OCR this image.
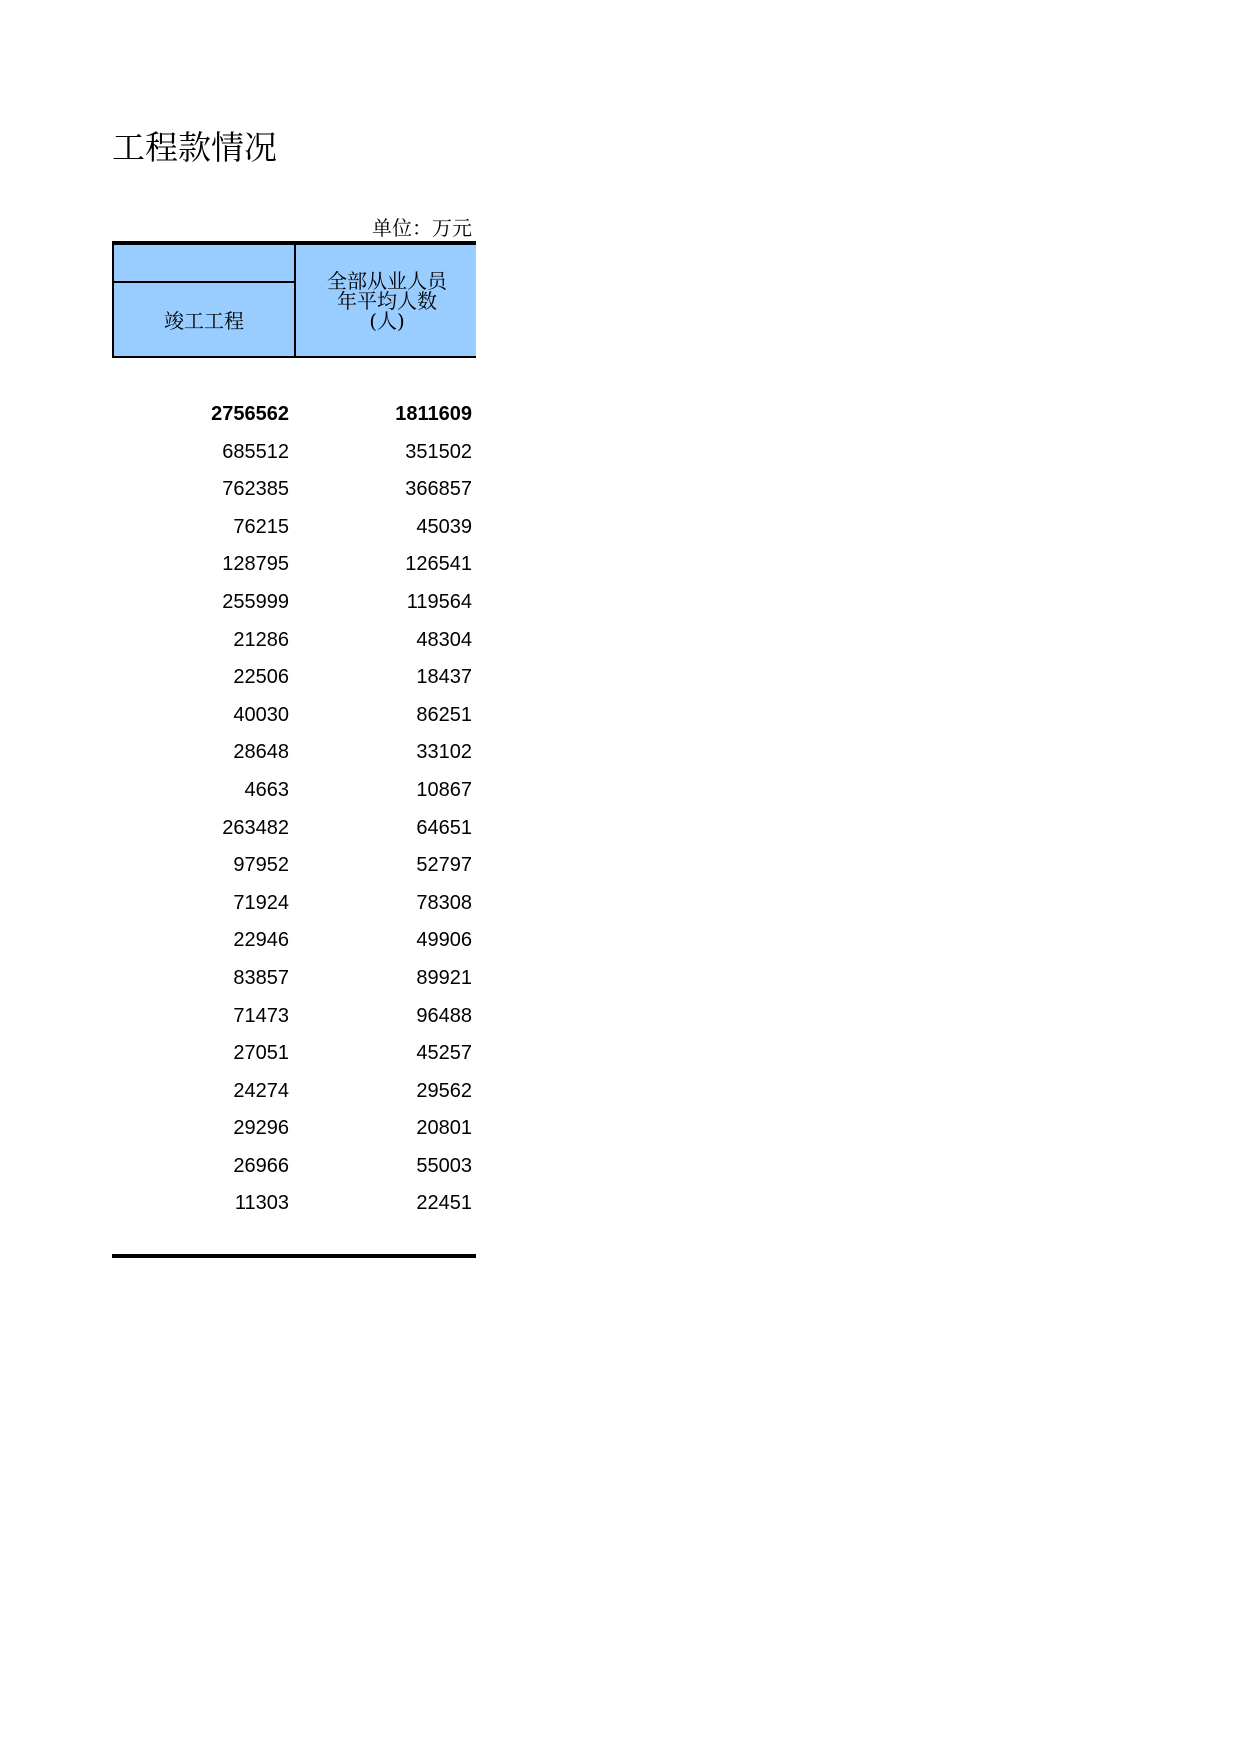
工程款情况
单位：万元
竣工工程
全部从业人员
年平均人数
(人)
2756562	1811609
685512	351502
762385	366857
76215	45039
128795	126541
255999	119564
21286	48304
22506	18437
40030	86251
28648	33102
4663	10867
263482	64651
97952	52797
71924	78308
22946	49906
83857	89921
71473	96488
27051	45257
24274	29562
29296	20801
26966	55003
11303	22451
